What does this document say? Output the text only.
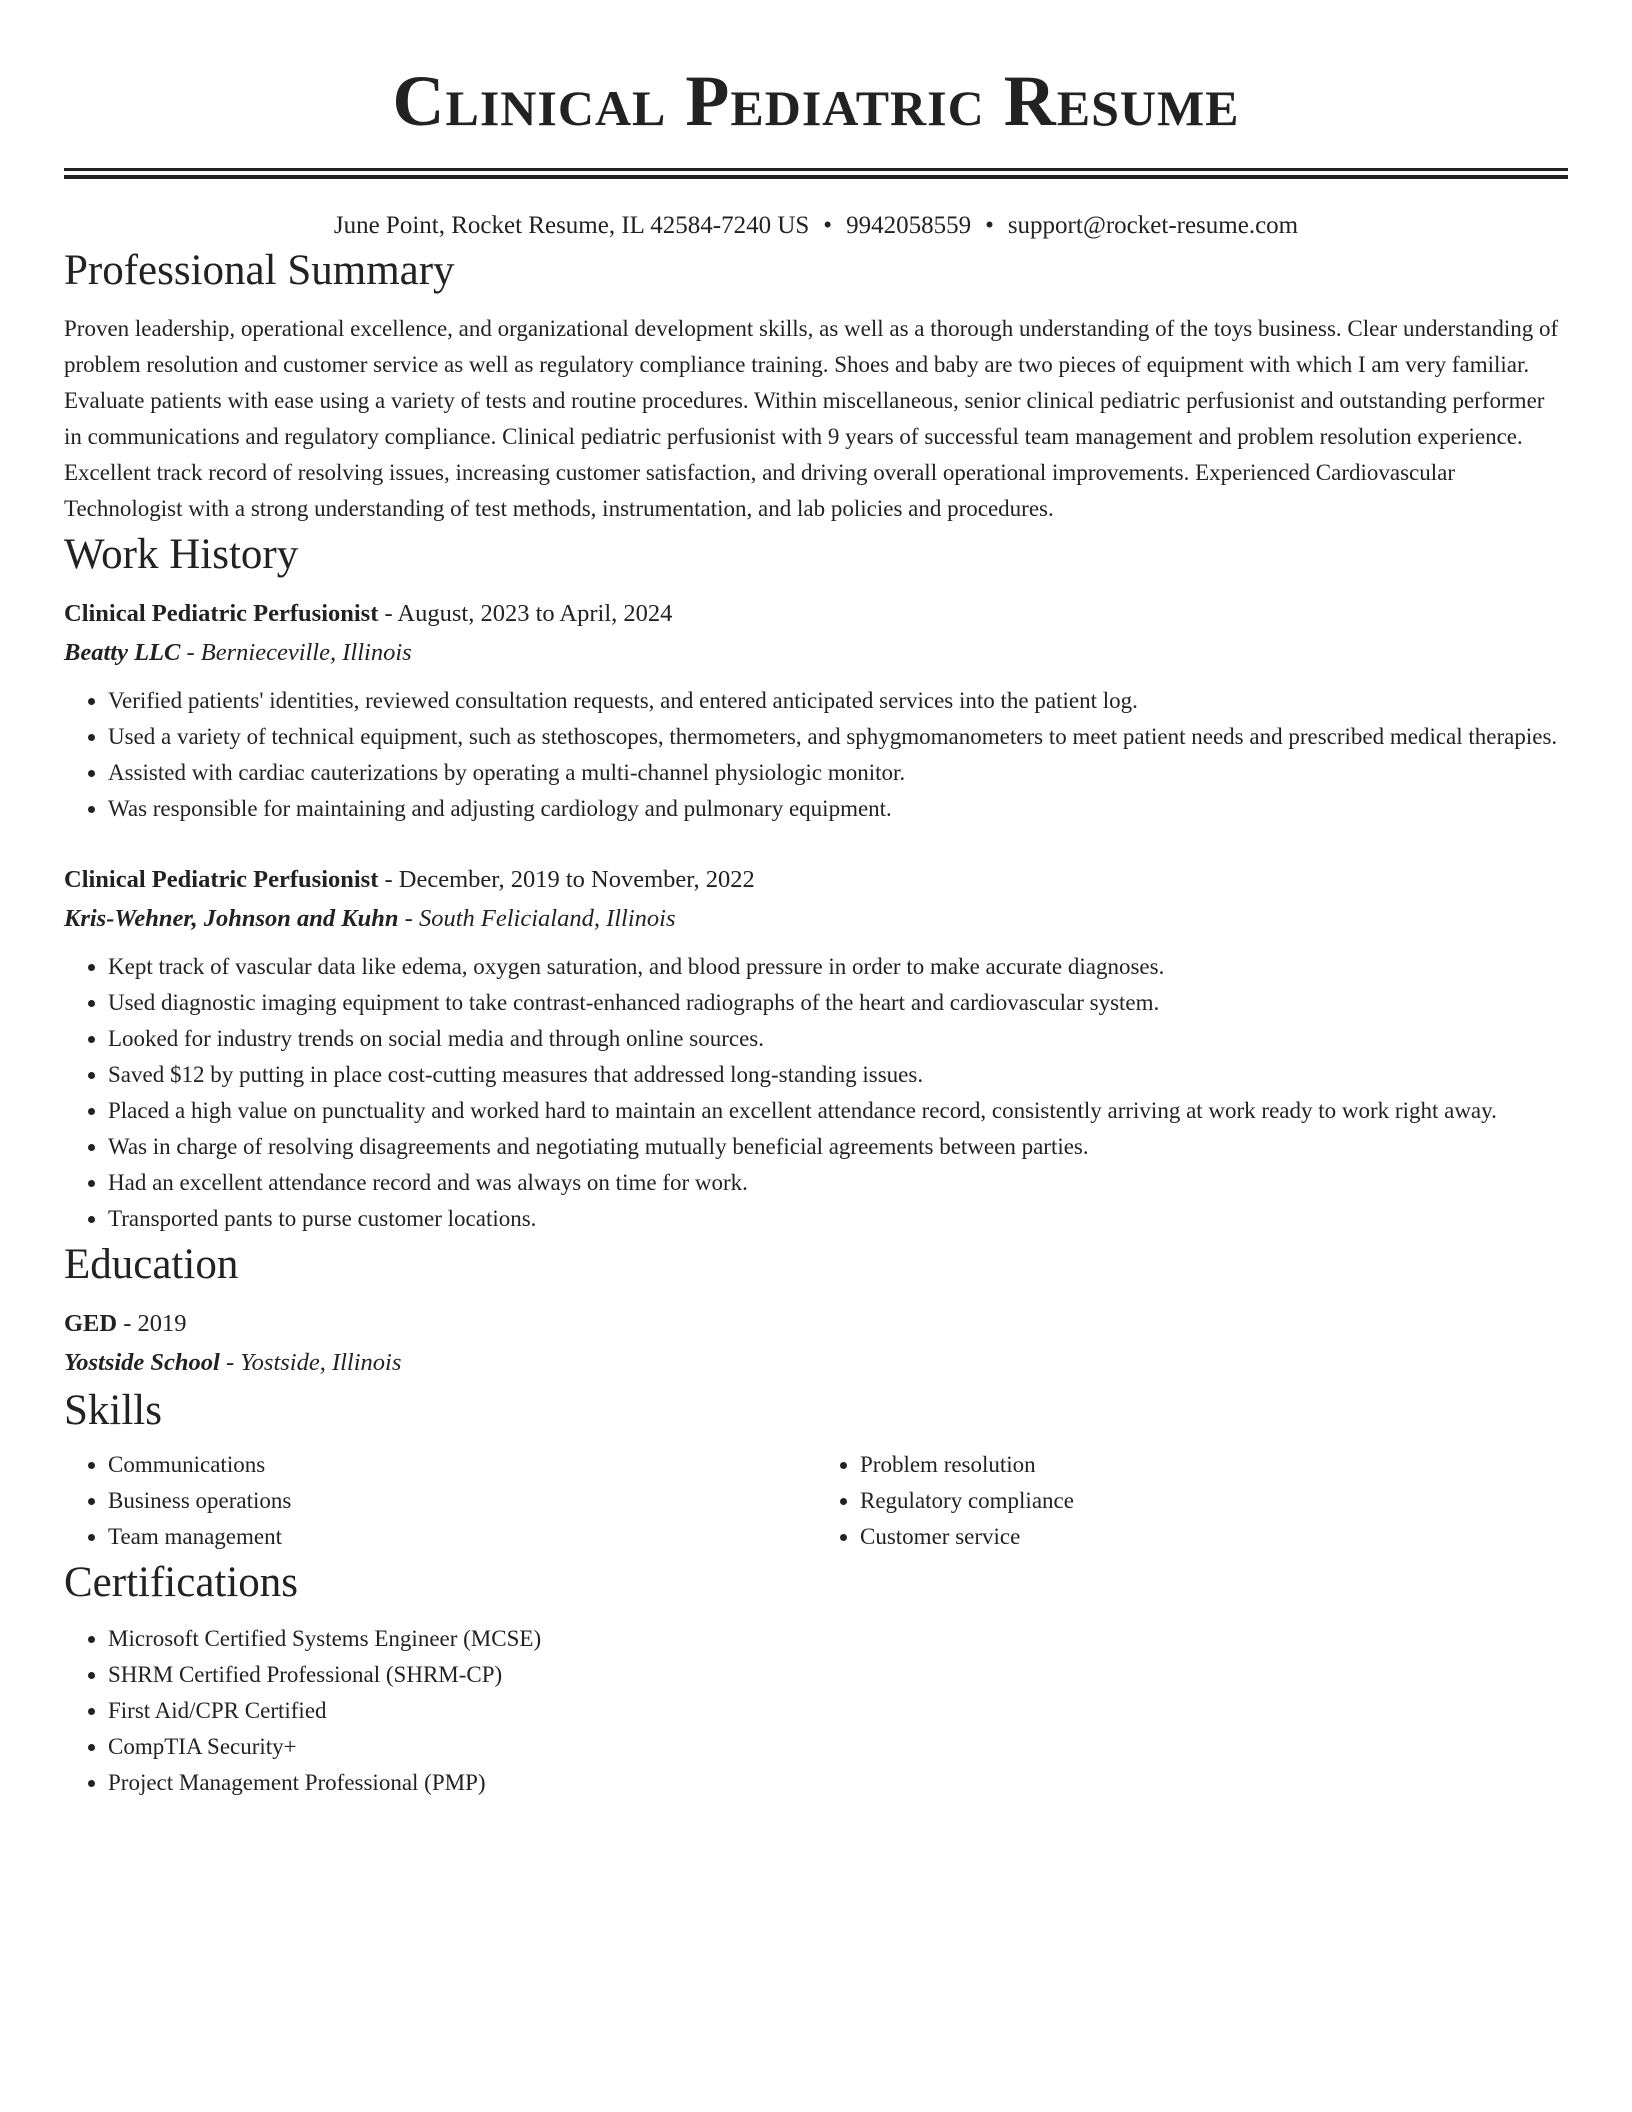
Clinical Pediatric Resume
June Point, Rocket Resume, IL 42584-7240 US • 9942058559 • support@rocket-resume.com
Professional Summary

Proven leadership, operational excellence, and organizational development skills, as well as a thorough understanding of the toys business. Clear understanding of problem resolution and customer service as well as regulatory compliance training. Shoes and baby are two pieces of equipment with which I am very familiar. Evaluate patients with ease using a variety of tests and routine procedures. Within miscellaneous, senior clinical pediatric perfusionist and outstanding performer in communications and regulatory compliance. Clinical pediatric perfusionist with 9 years of successful team management and problem resolution experience. Excellent track record of resolving issues, increasing customer satisfaction, and driving overall operational improvements. Experienced Cardiovascular Technologist with a strong understanding of test methods, instrumentation, and lab policies and procedures.

Work History
Clinical Pediatric Perfusionist - August, 2023 to April, 2024
Beatty LLC - Bernieceville, Illinois
• Verified patients' identities, reviewed consultation requests, and entered anticipated services into the patient log.
• Used a variety of technical equipment, such as stethoscopes, thermometers, and sphygmomanometers to meet patient needs and prescribed medical therapies.
• Assisted with cardiac cauterizations by operating a multi-channel physiologic monitor.
• Was responsible for maintaining and adjusting cardiology and pulmonary equipment.
Clinical Pediatric Perfusionist - December, 2019 to November, 2022
Kris-Wehner, Johnson and Kuhn - South Felicialand, Illinois
• Kept track of vascular data like edema, oxygen saturation, and blood pressure in order to make accurate diagnoses.
• Used diagnostic imaging equipment to take contrast-enhanced radiographs of the heart and cardiovascular system.
• Looked for industry trends on social media and through online sources.
• Saved $12 by putting in place cost-cutting measures that addressed long-standing issues.
• Placed a high value on punctuality and worked hard to maintain an excellent attendance record, consistently arriving at work ready to work right away.
• Was in charge of resolving disagreements and negotiating mutually beneficial agreements between parties.
• Had an excellent attendance record and was always on time for work.
• Transported pants to purse customer locations.
Education
GED - 2019
Yostside School - Yostside, Illinois
Skills
• Communications
• Business operations
• Team management
• Problem resolution
• Regulatory compliance
• Customer service
Certifications
• Microsoft Certified Systems Engineer (MCSE)
• SHRM Certified Professional (SHRM-CP)
• First Aid/CPR Certified
• CompTIA Security+
• Project Management Professional (PMP)
